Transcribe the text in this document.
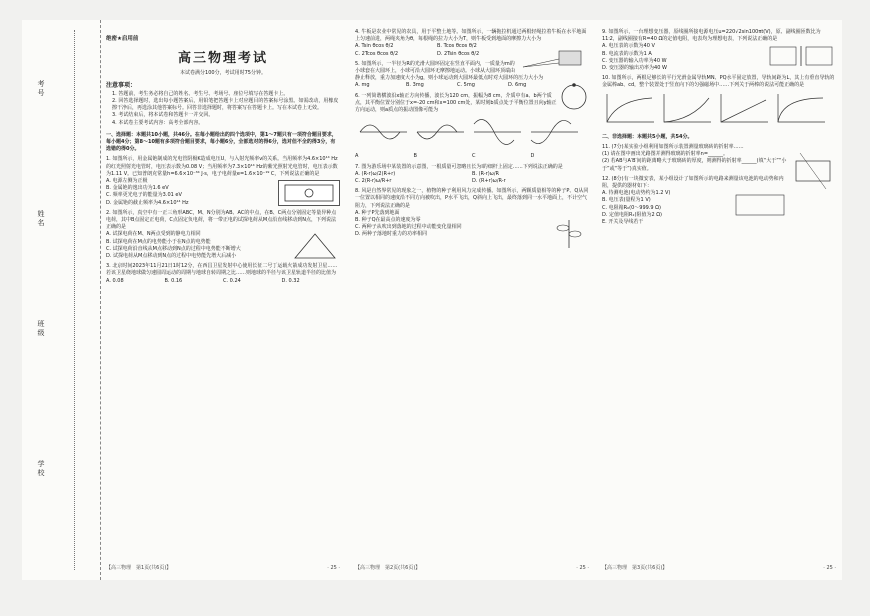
考号
姓名
班级
学校
绝密★启用前
高三物理考试
本试卷满分100分，考试用时75分钟。
注意事项：
1. 答题前，考生务必将自己的姓名、考生号、考场号、座位号填写在答题卡上。
2. 回答选择题时，选出每小题答案后，用铅笔把答题卡上对应题目的答案标号涂黑。如需改动，用橡皮擦干净后，再选涂其他答案标号。回答非选择题时，将答案写在答题卡上。写在本试卷上无效。
3. 考试结束后，将本试卷和答题卡一并交回。
4. 本试卷主要考试内容：高考全部内容。
一、选择题：本题共10小题，共46分。在每小题给出的四个选项中，第1～7题只有一项符合题目要求，每小题4分；第8～10题有多项符合题目要求，每小题6分，全部选对的得6分，选对但不全的得3分，有选错的得0分。
1. 如图所示，用金属铯制成的光电管阴极K造成电压U，与入射光频率ν的关系。当用频率为4.6×10¹⁴ Hz的红光照射光电管时，电压表示数为0.08 V；当用频率为7.3×10¹⁴ Hz的紫光照射光电管时，电压表示数为1.11 V。已知普朗克常量h=6.6×10⁻³⁴ J·s，电子电荷量e=1.6×10⁻¹⁹ C，下列说法正确的是
A. 电源左侧为正极
B. 金属铯的逸出功为1.6 eV
C. 频率更光电子的能量为3.01 eV
D. 金属铯的截止频率为4.6×10¹⁴ Hz
2. 如图所示，真空中有一正三角形ABC，M、N分别为AB、AC的中点，在B、C两点分别固定等量异种点电荷，其中B点固定正电荷，C点固定负电荷，将一带正电的试探电荷从M点沿直线移动到N点，下列说法正确的是
A. 试探电荷在M、N两点受到的静电力相同
B. 试探电荷在M点的电势能小于在N点的电势能
C. 试探电荷沿直线从M点移动到N点的过程中电势能不断增大
D. 试探电荷从M点移动到N点的过程中电势能先增大后减小
3. 北京时间2023年11月21日1时12分，在西昌卫星发射中心使用长征二号丁运载火箭成功发射卫星……若该卫星绕地球做匀速圆周运动的周期与地球自转周期之比……则地球的半径与该卫星轨道半径的比值为
A. 0.08	B. 0.16	C. 0.24	D. 0.32
【高三物理　第1页(共6页)】	· 25 ·
4. 牛板是农业中常见的农具，用于平整土地等。如图所示，一辆拖拉机通过两根轻绳拉着牛板在水平地面上匀速前进，两绳夹角为θ，每根绳的拉力大小为T，则牛板受到地面的摩擦力大小为
A. Tsin θcos θ/2	B. Tcos θcos θ/2
C. 2Tcos θcos θ/2	D. 2Tsin θcos θ/2
5. 如图所示，一半径为R的光滑大圆环固定在竖直平面内，一质量为m的小球套在大圆环上，小球可沿大圆环无摩擦地运动。小球从大圆环顶端由静止释放，重力加速度大小为g，则小球运动到大圆环最低点时对大圆环的压力大小为
A. mg	B. 3mg	C. 5mg	D. 6mg
6. 一列简谐横波沿x轴正方向传播，波长为120 cm，振幅为8 cm，介质中有a、b两个质点，其平衡位置分别位于x=-20 cm和x=100 cm处，某时刻b质点处于平衡位置且向y轴正方向运动，则a质点的振动图像可能为
A	B	C	D
7. 图为游乐场中某装置的示意图，一根质量可忽略且长为l的细杆上固定……下列说法正确的是
A. (R-r)ω/2(R+r)	B. (R-r)ω/R
C. 2(R-r)ω/R+r	D. (R+r)ω/R-r
8. 风是自然界常见的现象之一，植物的种子利用风力完成传播。如图所示，两颗质量相等的种子P、Q从同一位置以相同的速度沿不同方向被吹出，P水平飞出，Q斜向上飞出，最终落到同一水平地面上，不计空气阻力，下列说法正确的是
A. 种子P先落到地面
B. 种子Q在最高点的速度为零
C. 两种子从吹出到落地的过程中动能变化量相同
D. 两种子落地时重力的功率相同
【高三物理　第2页(共6页)】	· 25 ·
9. 如图所示，一台理想变压器，原线圈所接电源电压u=220√2sin100πt(V)，原、副线圈匝数比为11∶2，副线圈接有R=40 Ω的定值电阻，电表均为理想电表，下列说法正确的是
A. 电压表的示数为40 V
B. 电流表的示数为1 A
C. 变压器的输入功率为40 W
D. 变压器的输出功率为40 W
10. 如图所示，两根足够长的平行光滑金属导轨MN、PQ水平固定放置，导轨间距为L，其上有垂直导轨的金属棒ab、cd，整个装置处于竖直向下的匀强磁场中……下列关于两棒的说法可能正确的是
二、非选择题：本题共5小题，共54分。
11. (7分)某实验小组利用如图所示装置测量玻璃砖的折射率……
(1) 请在图中画出光路图并测得玻璃的折射率n=______。
(2) 若AB与A′B′间的距离略大于玻璃砖的厚度，则测得的折射率______(填“大于”“小于”或“等于”)真实值。
12. (8分)有一块微安表，某小组设计了如图所示的电路来测量该电池的电动势和内阻，提供的器材如下：
A. 待测电池(电动势约为1.2 V)
B. 电压表(量程为1 V)
C. 电阻箱R₀(0～999.9 Ω)
D. 定值电阻R₁(阻值为2 Ω)
E. 开关及导线若干
【高三物理　第3页(共6页)】	· 25 ·
